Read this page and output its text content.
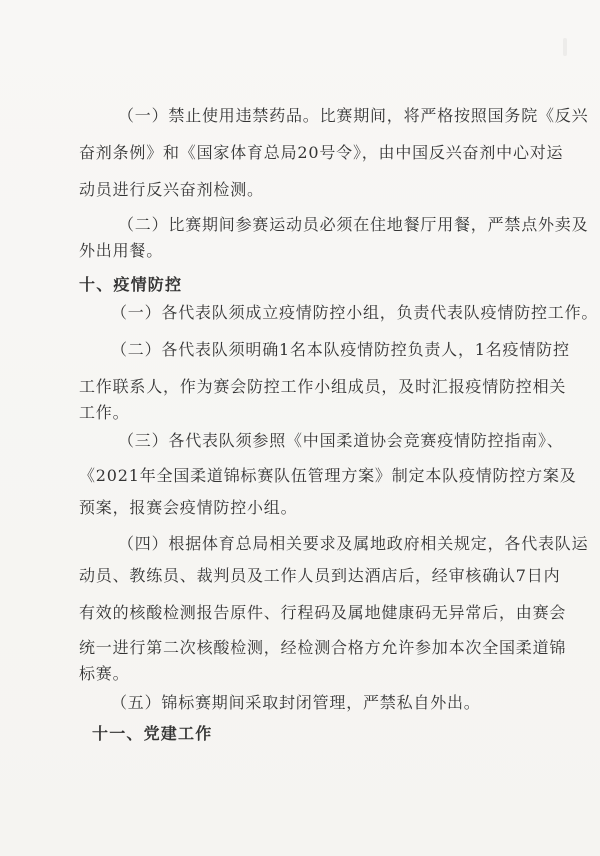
（一）禁止使用违禁药品。比赛期间，将严格按照国务院《反兴
奋剂条例》和《国家体育总局20号令》，由中国反兴奋剂中心对运
动员进行反兴奋剂检测。
（二）比赛期间参赛运动员必须在住地餐厅用餐，严禁点外卖及
外出用餐。
十、疫情防控
（一）各代表队须成立疫情防控小组，负责代表队疫情防控工作。
（二）各代表队须明确1名本队疫情防控负责人，1名疫情防控
工作联系人，作为赛会防控工作小组成员，及时汇报疫情防控相关
工作。
（三）各代表队须参照《中国柔道协会竞赛疫情防控指南》、
《2021年全国柔道锦标赛队伍管理方案》制定本队疫情防控方案及
预案，报赛会疫情防控小组。
（四）根据体育总局相关要求及属地政府相关规定，各代表队运
动员、教练员、裁判员及工作人员到达酒店后，经审核确认7日内
有效的核酸检测报告原件、行程码及属地健康码无异常后，由赛会
统一进行第二次核酸检测，经检测合格方允许参加本次全国柔道锦
标赛。
（五）锦标赛期间采取封闭管理，严禁私自外出。
十一、党建工作
